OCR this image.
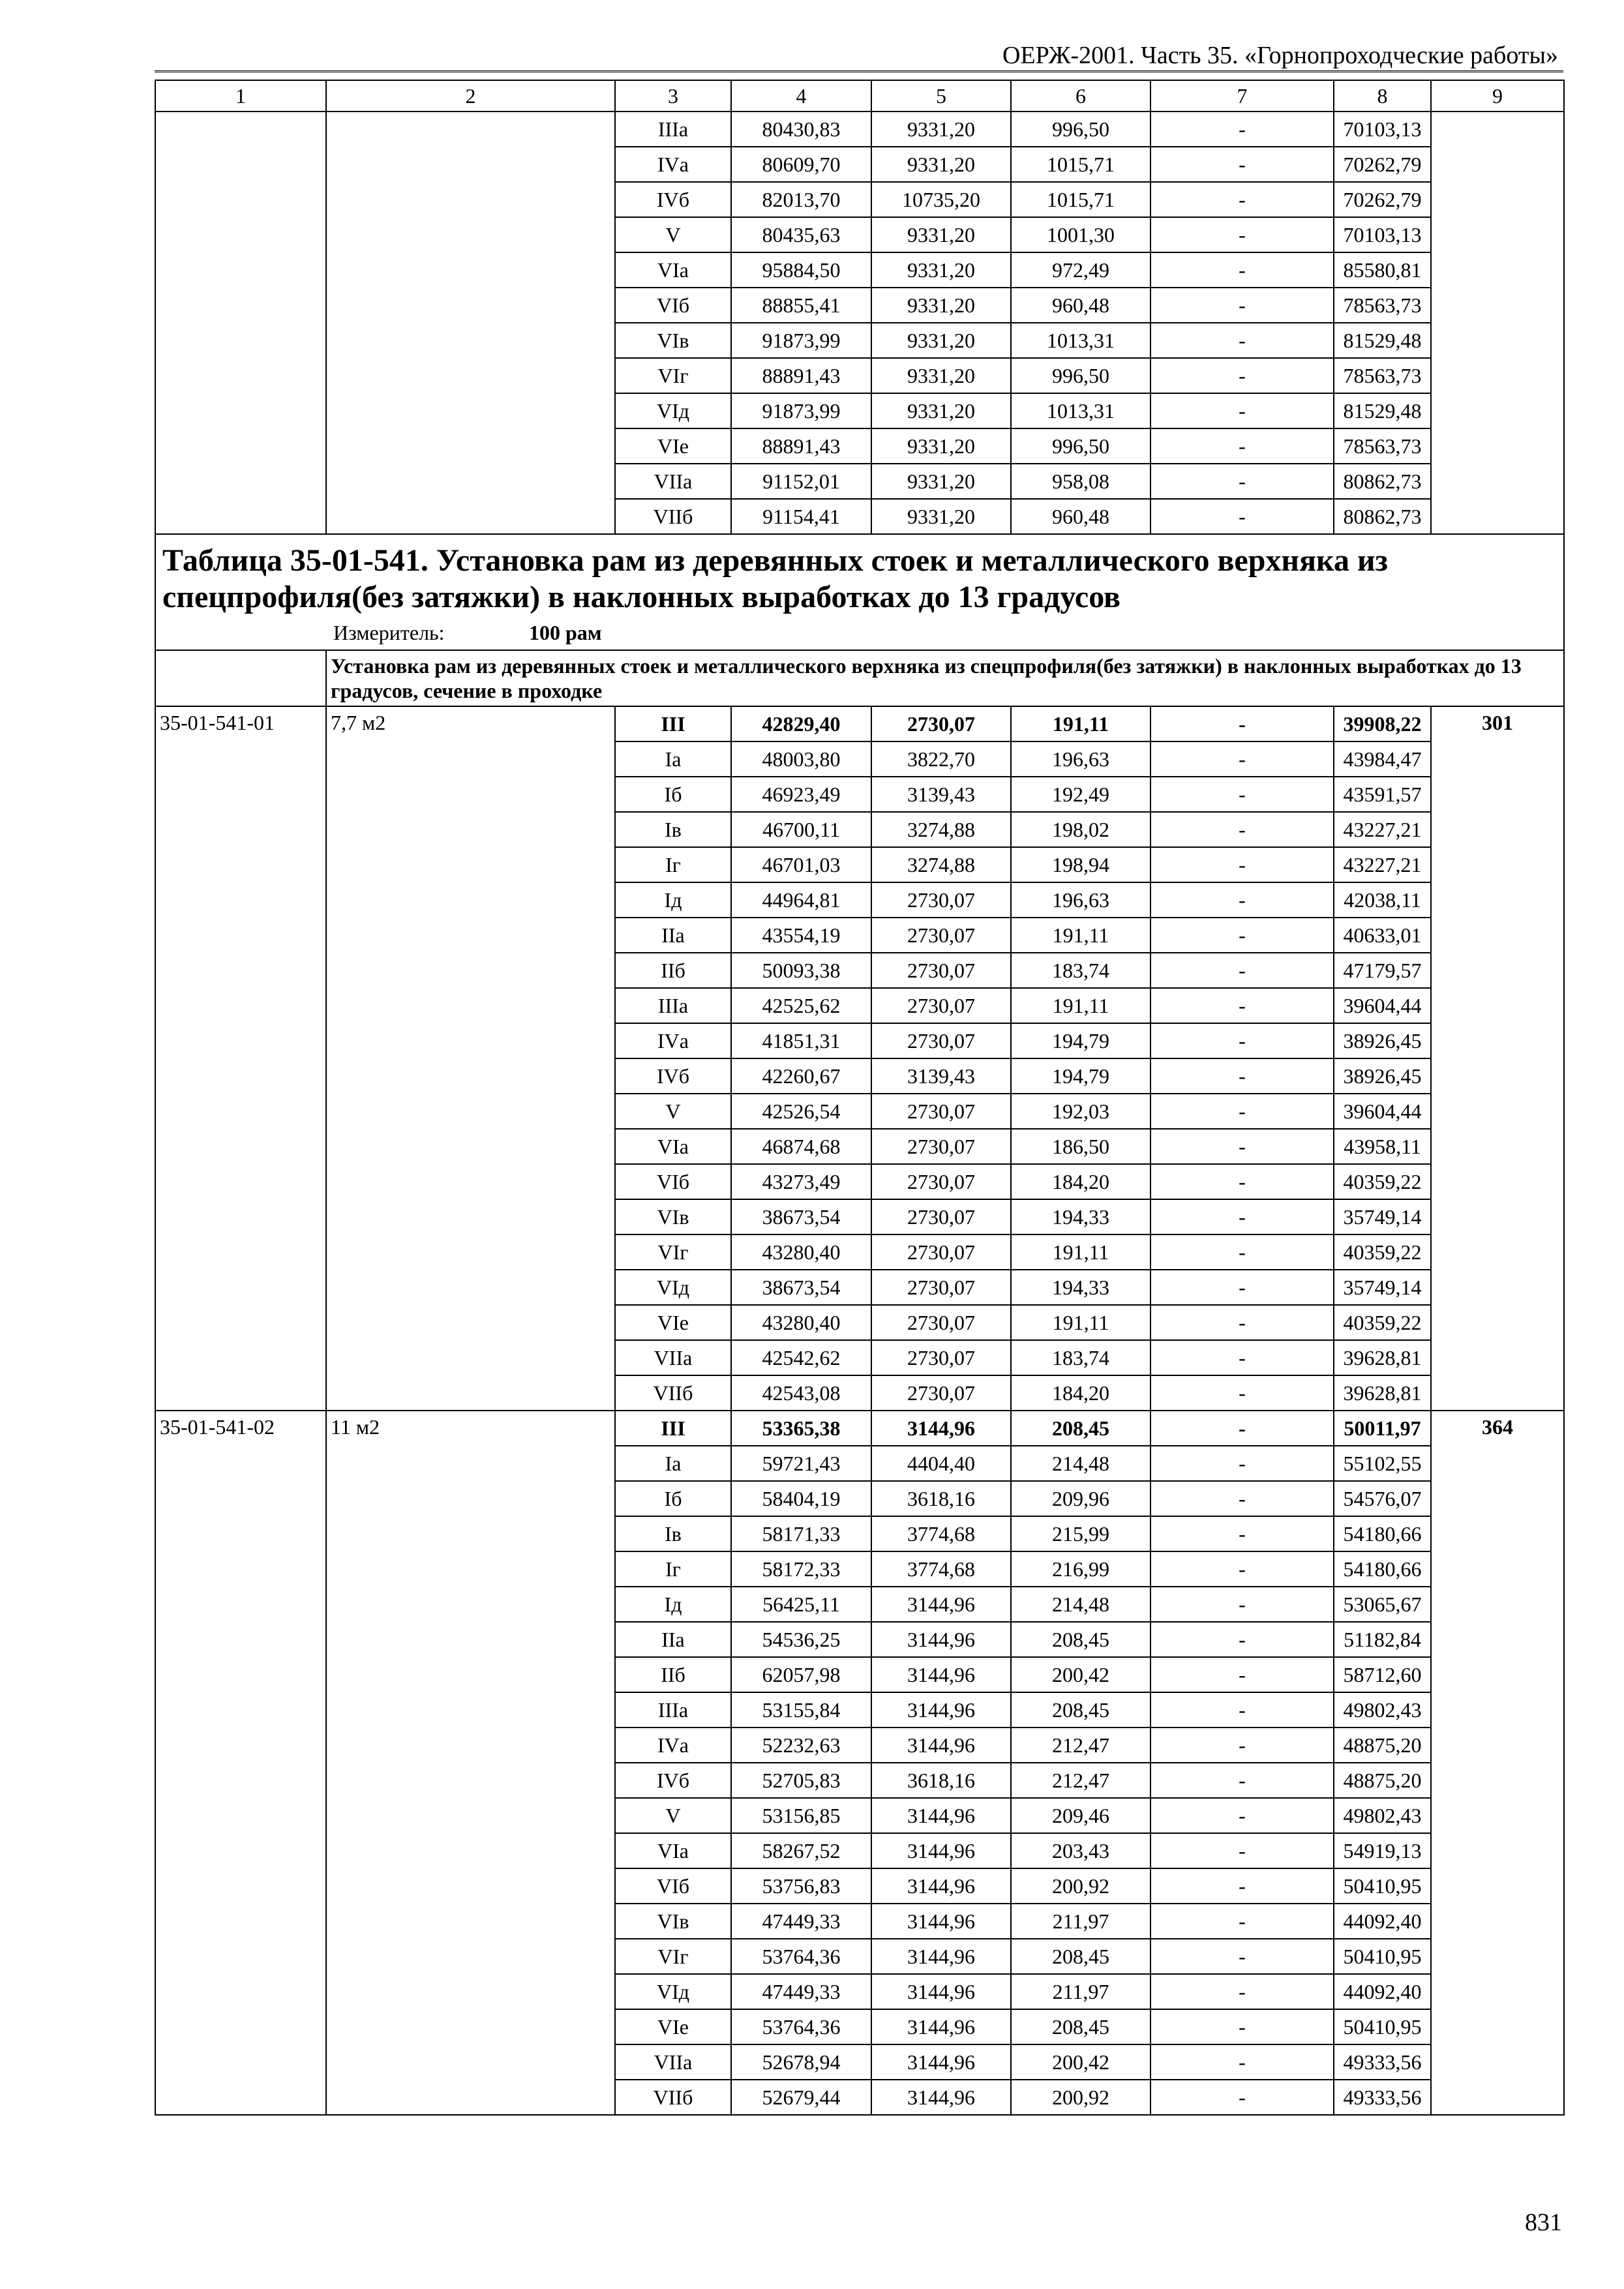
ОЕРЖ-2001. Часть 35. «Горнопроходческие работы»
1	2	3	4	5	6	7	8	9
		IIIа	80430,83	9331,20	996,50	-	70103,13	
		IVа	80609,70	9331,20	1015,71	-	70262,79	
		IVб	82013,70	10735,20	1015,71	-	70262,79	
		V	80435,63	9331,20	1001,30	-	70103,13	
		VIа	95884,50	9331,20	972,49	-	85580,81	
		VIб	88855,41	9331,20	960,48	-	78563,73	
		VIв	91873,99	9331,20	1013,31	-	81529,48	
		VIг	88891,43	9331,20	996,50	-	78563,73	
		VIд	91873,99	9331,20	1013,31	-	81529,48	
		VIе	88891,43	9331,20	996,50	-	78563,73	
		VIIа	91152,01	9331,20	958,08	-	80862,73	
		VIIб	91154,41	9331,20	960,48	-	80862,73	

Таблица 35-01-541. Установка рам из деревянных стоек и металлического верхняка из спецпрофиля(без затяжки) в наклонных выработках до 13 градусов
Измеритель: 100 рам								

	Установка рам из деревянных стоек и металлического верхняка из спецпрофиля(без затяжки) в наклонных выработках до 13 градусов, сечение в проходке							
35-01-541-01	7,7 м2	III	42829,40	2730,07	191,11	-	39908,22	301
		Iа	48003,80	3822,70	196,63	-	43984,47	
		Iб	46923,49	3139,43	192,49	-	43591,57	
		Iв	46700,11	3274,88	198,02	-	43227,21	
		Iг	46701,03	3274,88	198,94	-	43227,21	
		Iд	44964,81	2730,07	196,63	-	42038,11	
		IIа	43554,19	2730,07	191,11	-	40633,01	
		IIб	50093,38	2730,07	183,74	-	47179,57	
		IIIа	42525,62	2730,07	191,11	-	39604,44	
		IVа	41851,31	2730,07	194,79	-	38926,45	
		IVб	42260,67	3139,43	194,79	-	38926,45	
		V	42526,54	2730,07	192,03	-	39604,44	
		VIа	46874,68	2730,07	186,50	-	43958,11	
		VIб	43273,49	2730,07	184,20	-	40359,22	
		VIв	38673,54	2730,07	194,33	-	35749,14	
		VIг	43280,40	2730,07	191,11	-	40359,22	
		VIд	38673,54	2730,07	194,33	-	35749,14	
		VIе	43280,40	2730,07	191,11	-	40359,22	
		VIIа	42542,62	2730,07	183,74	-	39628,81	
		VIIб	42543,08	2730,07	184,20	-	39628,81	
35-01-541-02	11 м2	III	53365,38	3144,96	208,45	-	50011,97	364
		Iа	59721,43	4404,40	214,48	-	55102,55	
		Iб	58404,19	3618,16	209,96	-	54576,07	
		Iв	58171,33	3774,68	215,99	-	54180,66	
		Iг	58172,33	3774,68	216,99	-	54180,66	
		Iд	56425,11	3144,96	214,48	-	53065,67	
		IIа	54536,25	3144,96	208,45	-	51182,84	
		IIб	62057,98	3144,96	200,42	-	58712,60	
		IIIа	53155,84	3144,96	208,45	-	49802,43	
		IVа	52232,63	3144,96	212,47	-	48875,20	
		IVб	52705,83	3618,16	212,47	-	48875,20	
		V	53156,85	3144,96	209,46	-	49802,43	
		VIа	58267,52	3144,96	203,43	-	54919,13	
		VIб	53756,83	3144,96	200,92	-	50410,95	
		VIв	47449,33	3144,96	211,97	-	44092,40	
		VIг	53764,36	3144,96	208,45	-	50410,95	
		VIд	47449,33	3144,96	211,97	-	44092,40	
		VIе	53764,36	3144,96	208,45	-	50410,95	
		VIIа	52678,94	3144,96	200,42	-	49333,56	
		VIIб	52679,44	3144,96	200,92	-	49333,56	
831
